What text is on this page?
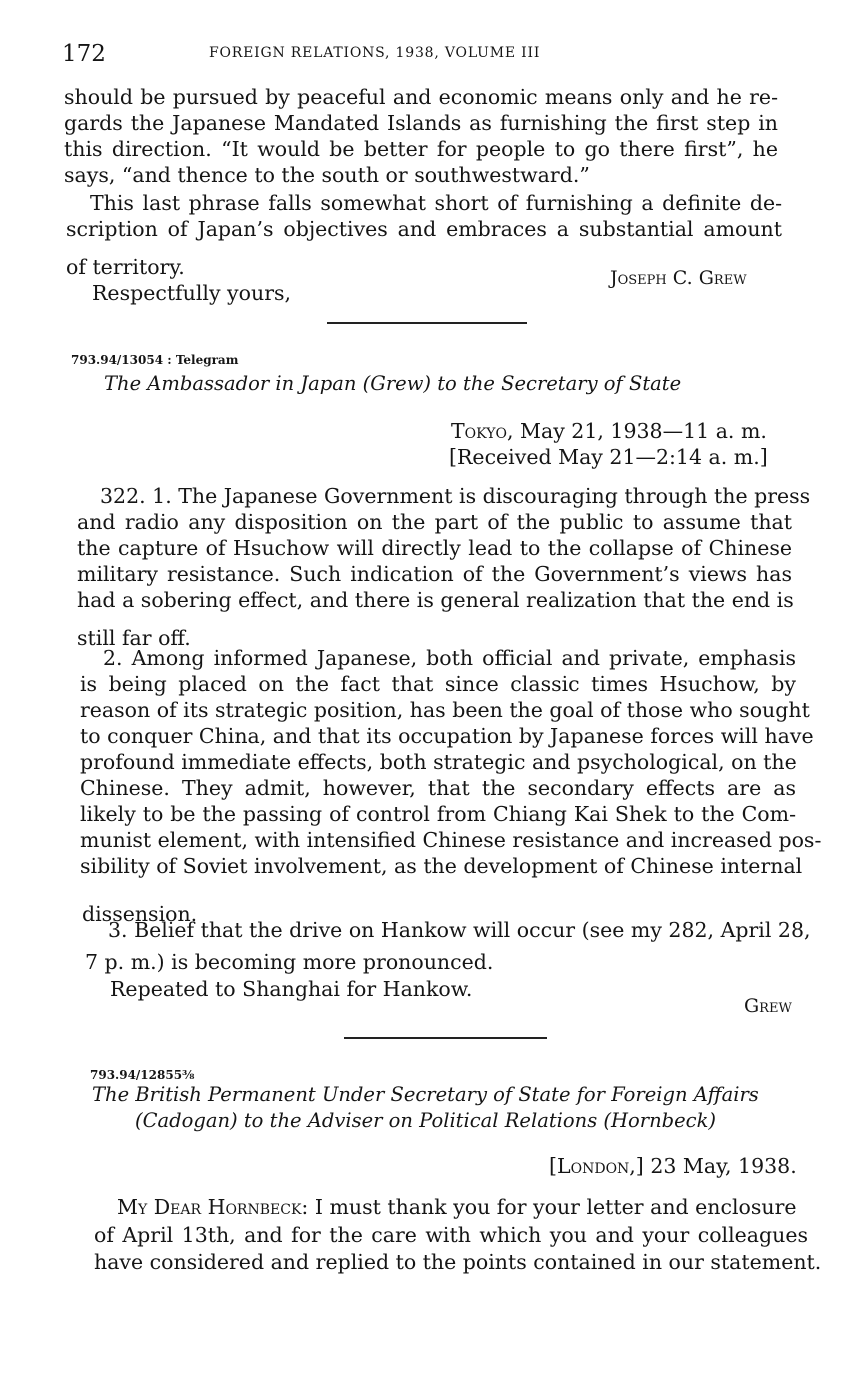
172	FOREIGN RELATIONS, 1938, VOLUME III
should be pursued by peaceful and economic means only and he re-
gards the Japanese Mandated Islands as furnishing the first step in
this direction. “It would be better for people to go there first”, he
says, “and thence to the south or southwestward.”
This last phrase falls somewhat short of furnishing a definite de-
scription of Japan’s objectives and embraces a substantial amount
of territory.
Respectfully yours,
Joseph C. Grew
793.94/13054 : Telegram
The Ambassador in Japan (Grew) to the Secretary of State
Tokyo, May 21, 1938—11 a. m.
[Received May 21—2:14 a. m.]
322. 1. The Japanese Government is discouraging through the press
and radio any disposition on the part of the public to assume that
the capture of Hsuchow will directly lead to the collapse of Chinese
military resistance. Such indication of the Government’s views has
had a sobering effect, and there is general realization that the end is
still far off.
2. Among informed Japanese, both official and private, emphasis
is being placed on the fact that since classic times Hsuchow, by
reason of its strategic position, has been the goal of those who sought
to conquer China, and that its occupation by Japanese forces will have
profound immediate effects, both strategic and psychological, on the
Chinese. They admit, however, that the secondary effects are as
likely to be the passing of control from Chiang Kai Shek to the Com-
munist element, with intensified Chinese resistance and increased pos-
sibility of Soviet involvement, as the development of Chinese internal
dissension.
3. Belief that the drive on Hankow will occur (see my 282, April 28,
7 p. m.) is becoming more pronounced.
Repeated to Shanghai for Hankow.
Grew
793.94/12855⅜
The British Permanent Under Secretary of State for Foreign Affairs
(Cadogan) to the Adviser on Political Relations (Hornbeck)
[London,] 23 May, 1938.
My Dear Hornbeck: I must thank you for your letter and enclosure
of April 13th, and for the care with which you and your colleagues
have considered and replied to the points contained in our statement.
